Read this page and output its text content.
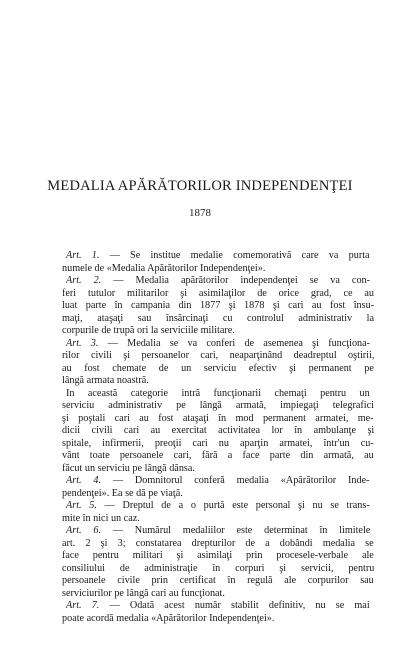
MEDALIA APĂRĂTORILOR INDEPENDENŢEI
1878
Art. 1. — Se institue medalie comemorativă care va purta
numele de «Medalia Apărătorilor Independenţei».
Art. 2. — Medalia apărătorilor independenţei se va con-
feri tutulor militarilor şi asimilaţilor de orice grad, ce au
luat parte în campania din 1877 şi 1878 şi cari au fost însu-
maţi, ataşaţi sau însărcinaţi cu controlul administrativ la
corpurile de trupă ori la serviciile militare.
Art. 3. — Medalia se va conferi de asemenea şi funcţiona-
rilor civili şi persoanelor cari, neaparţinând deadreptul oştirii,
au fost chemate de un serviciu efectiv şi permanent pe
lângă armata noastră.
In această categorie intră funcţionarii chemaţi pentru un
serviciu administrativ pe lângă armată, impiegaţi telegrafici
şi poştali cari au fost ataşaţi în mod permanent armatei, me-
dicii civili cari au exercitat activitatea lor în ambulanţe şi
spitale, infirmerii, preoţii cari nu aparţin armatei, într'un cu-
vânt toate persoanele cari, fără a face parte din armată, au
făcut un serviciu pe lângă dânsa.
Art. 4. — Domnitorul conferă medalia «Apărătorilor Inde-
pendenţei». Ea se dă pe viaţă.
Art. 5. — Dreptul de a o purtă este personal şi nu se trans-
mite în nici un caz.
Art. 6. — Numărul medaliilor este determinat în limitele
art. 2 şi 3; constatarea drepturilor de a dobândi medalia se
face pentru militari şi asimilaţi prin procesele-verbale ale
consiliului de administraţie în corpuri şi servicii, pentru
persoanele civile prin certificat în regulă ale corpurilor sau
serviciurilor pe lângă cari au funcţionat.
Art. 7. — Odată acest număr stabilit definitiv, nu se mai
poate acordă medalia «Apărătorilor Independenţei».
